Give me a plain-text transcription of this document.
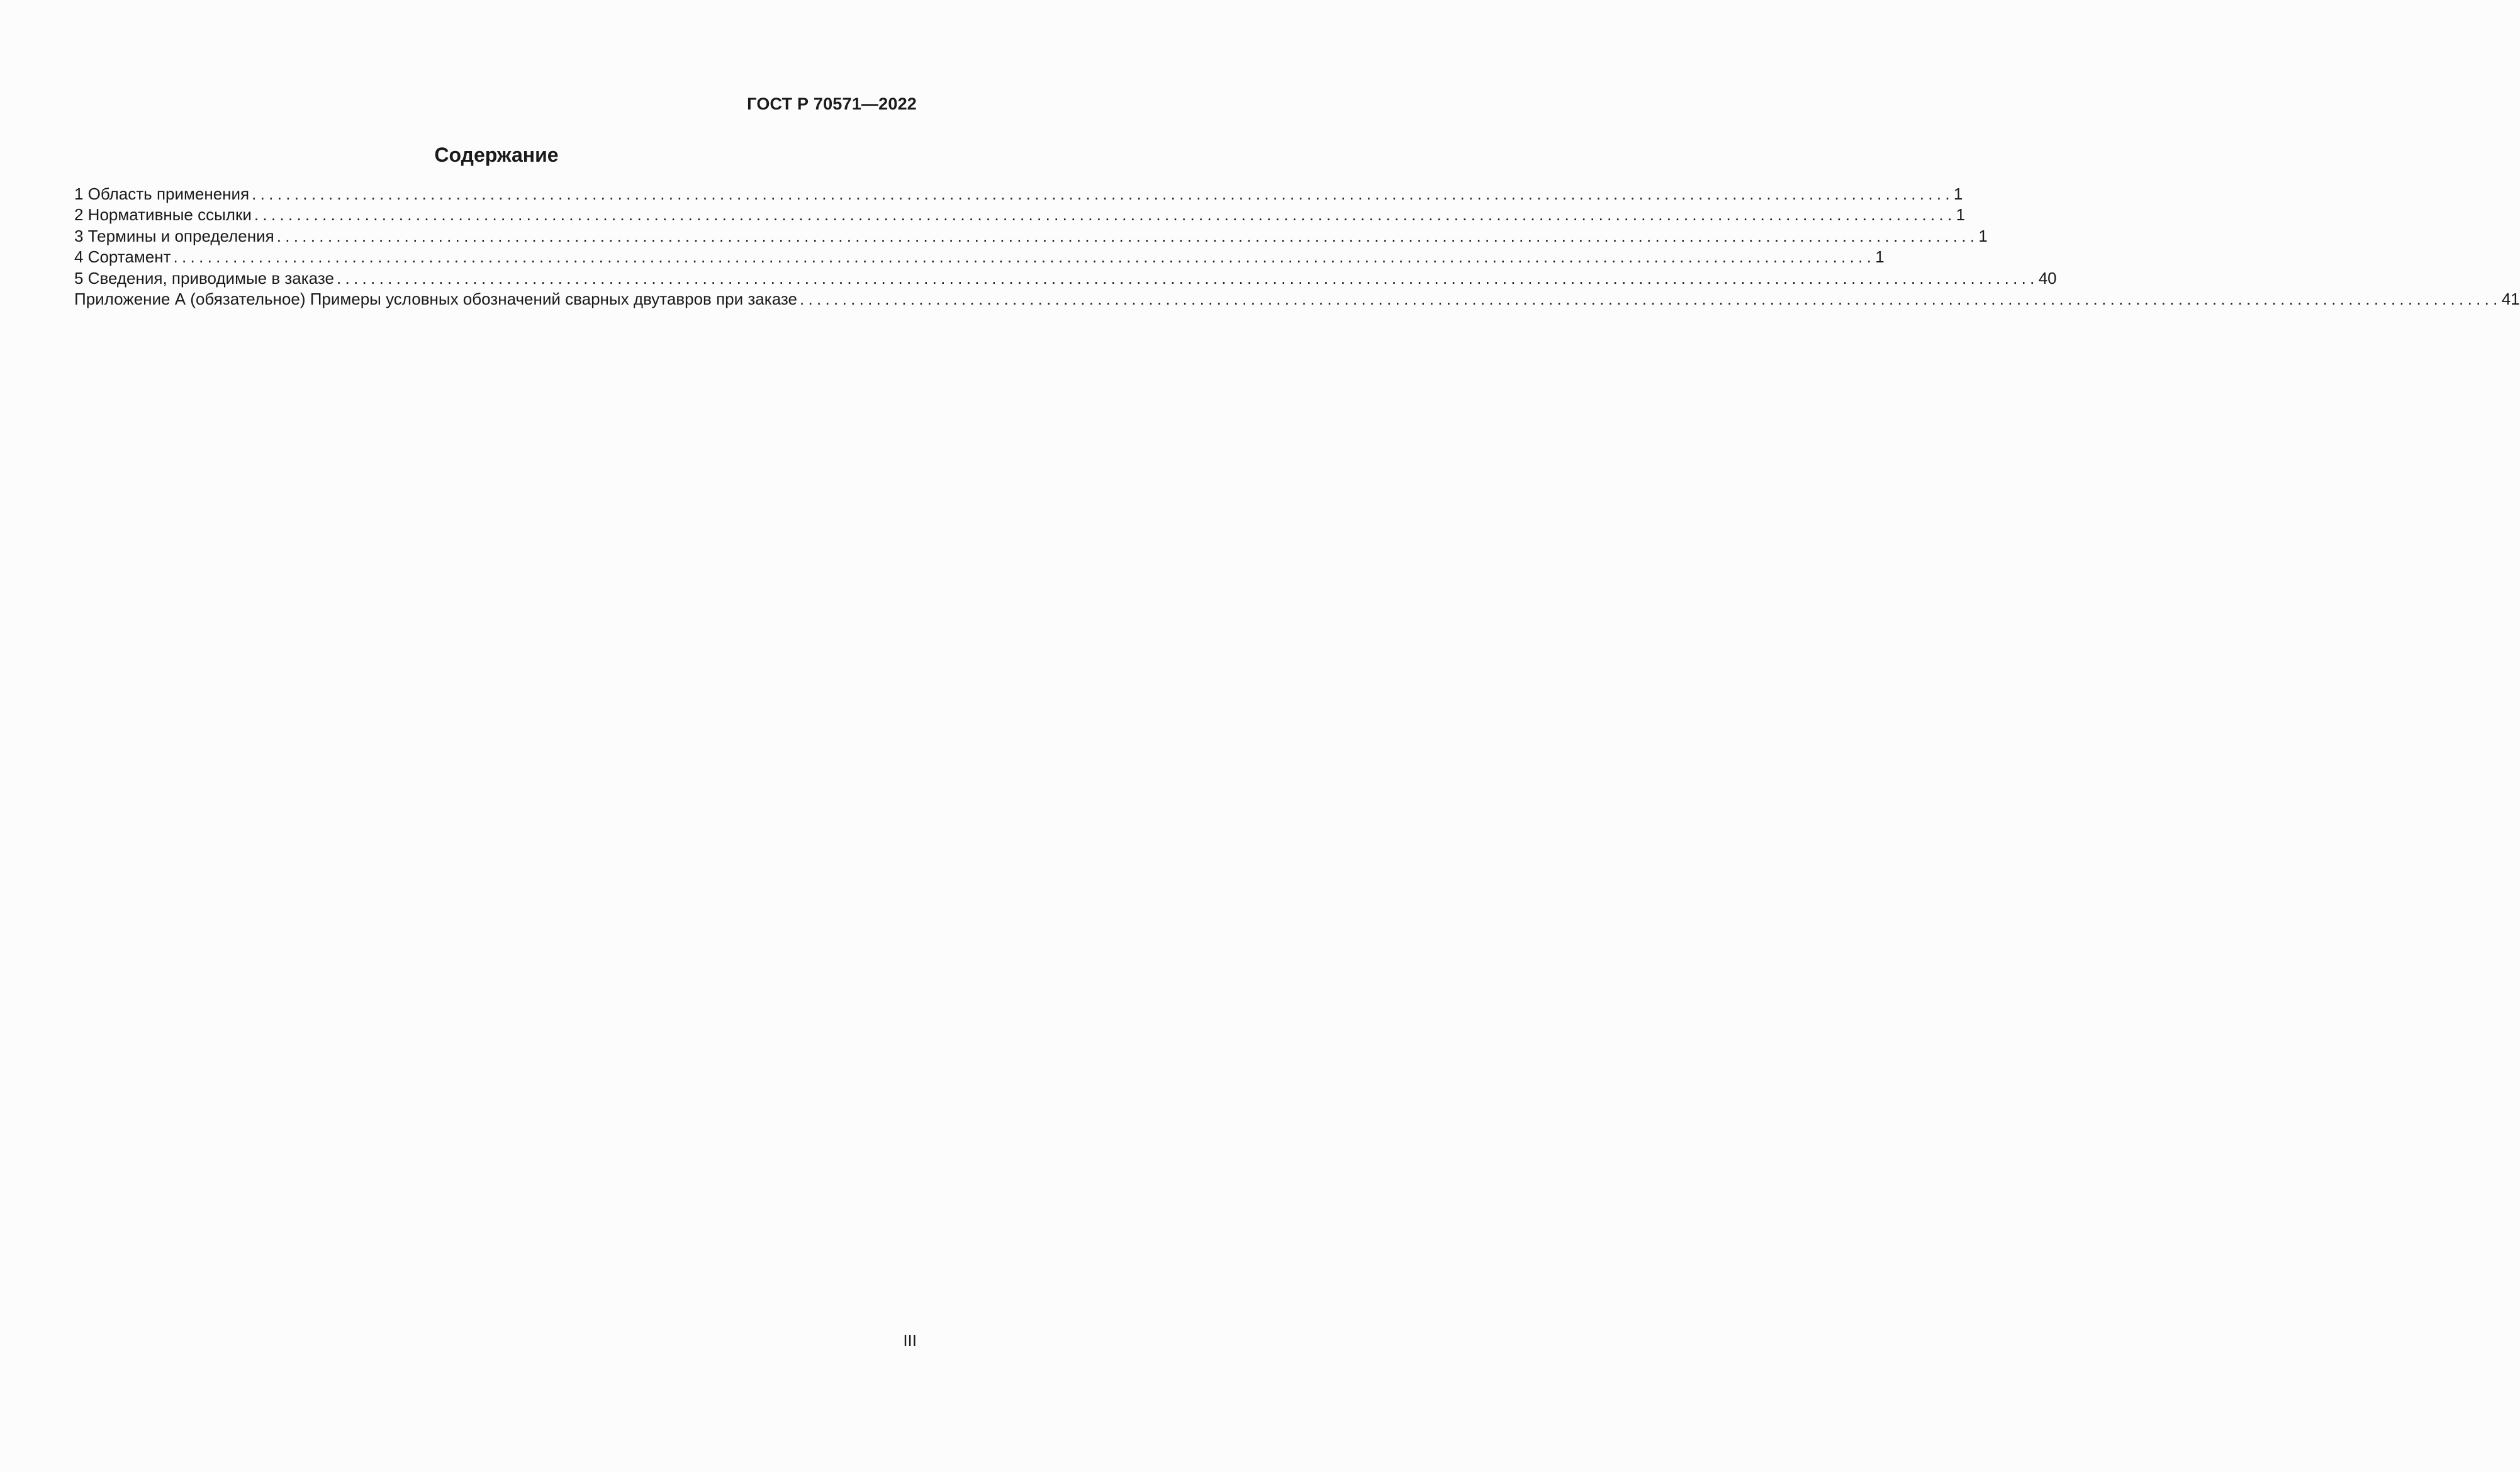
ГОСТ Р 70571—2022
Содержание
1 Область применения ........................................................................................................................................................................................................ 1
2 Нормативные ссылки ........................................................................................................................................................................................................ 1
3 Термины и определения ........................................................................................................................................................................................................ 1
4 Сортамент ........................................................................................................................................................................................................ 1
5 Сведения, приводимые в заказе ........................................................................................................................................................................................................ 40
Приложение А (обязательное) Примеры условных обозначений сварных двутавров при заказе ........................................................................................................................................................................................................ 41
III
